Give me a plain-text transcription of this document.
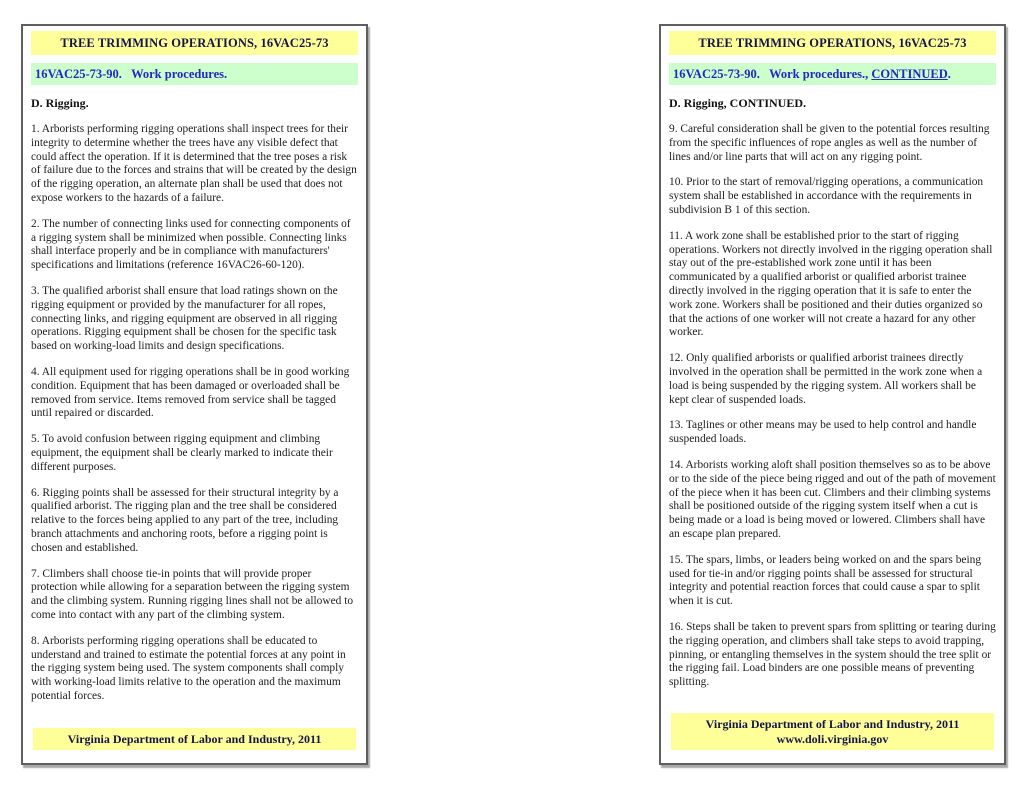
TREE TRIMMING OPERATIONS, 16VAC25-73
16VAC25-73-90.   Work procedures.
D. Rigging.

1. Arborists performing rigging operations shall inspect trees for their integrity to determine whether the trees have any visible defect that could affect the operation. If it is determined that the tree poses a risk of failure due to the forces and strains that will be created by the design of the rigging operation, an alternate plan shall be used that does not expose workers to the hazards of a failure.

2. The number of connecting links used for connecting components of a rigging system shall be minimized when possible. Connecting links shall interface properly and be in compliance with manufacturers' specifications and limitations (reference 16VAC26-60-120).

3. The qualified arborist shall ensure that load ratings shown on the rigging equipment or provided by the manufacturer for all ropes, connecting links, and rigging equipment are observed in all rigging operations. Rigging equipment shall be chosen for the specific task based on working-load limits and design specifications.

4. All equipment used for rigging operations shall be in good working condition. Equipment that has been damaged or overloaded shall be removed from service. Items removed from service shall be tagged until repaired or discarded.

5. To avoid confusion between rigging equipment and climbing equipment, the equipment shall be clearly marked to indicate their different purposes.

6. Rigging points shall be assessed for their structural integrity by a qualified arborist. The rigging plan and the tree shall be considered relative to the forces being applied to any part of the tree, including branch attachments and anchoring roots, before a rigging point is chosen and established.

7. Climbers shall choose tie-in points that will provide proper protection while allowing for a separation between the rigging system and the climbing system. Running rigging lines shall not be allowed to come into contact with any part of the climbing system.

8. Arborists performing rigging operations shall be educated to understand and trained to estimate the potential forces at any point in the rigging system being used. The system components shall comply with working-load limits relative to the operation and the maximum potential forces.

Virginia Department of Labor and Industry, 2011
TREE TRIMMING OPERATIONS, 16VAC25-73
16VAC25-73-90.   Work procedures., CONTINUED.
D. Rigging, CONTINUED.

9. Careful consideration shall be given to the potential forces resulting from the specific influences of rope angles as well as the number of lines and/or line parts that will act on any rigging point.

10. Prior to the start of removal/rigging operations, a communication system shall be established in accordance with the requirements in subdivision B 1 of this section.

11. A work zone shall be established prior to the start of rigging operations. Workers not directly involved in the rigging operation shall stay out of the pre-established work zone until it has been communicated by a qualified arborist or qualified arborist trainee directly involved in the rigging operation that it is safe to enter the work zone. Workers shall be positioned and their duties organized so that the actions of one worker will not create a hazard for any other worker.

12. Only qualified arborists or qualified arborist trainees directly involved in the operation shall be permitted in the work zone when a load is being suspended by the rigging system. All workers shall be kept clear of suspended loads.

13. Taglines or other means may be used to help control and handle suspended loads.

14. Arborists working aloft shall position themselves so as to be above or to the side of the piece being rigged and out of the path of movement of the piece when it has been cut. Climbers and their climbing systems shall be positioned outside of the rigging system itself when a cut is being made or a load is being moved or lowered. Climbers shall have an escape plan prepared.

15. The spars, limbs, or leaders being worked on and the spars being used for tie-in and/or rigging points shall be assessed for structural integrity and potential reaction forces that could cause a spar to split when it is cut.

16. Steps shall be taken to prevent spars from splitting or tearing during the rigging operation, and climbers shall take steps to avoid trapping, pinning, or entangling themselves in the system should the tree split or the rigging fail. Load binders are one possible means of preventing splitting.

Virginia Department of Labor and Industry, 2011
www.doli.virginia.gov
